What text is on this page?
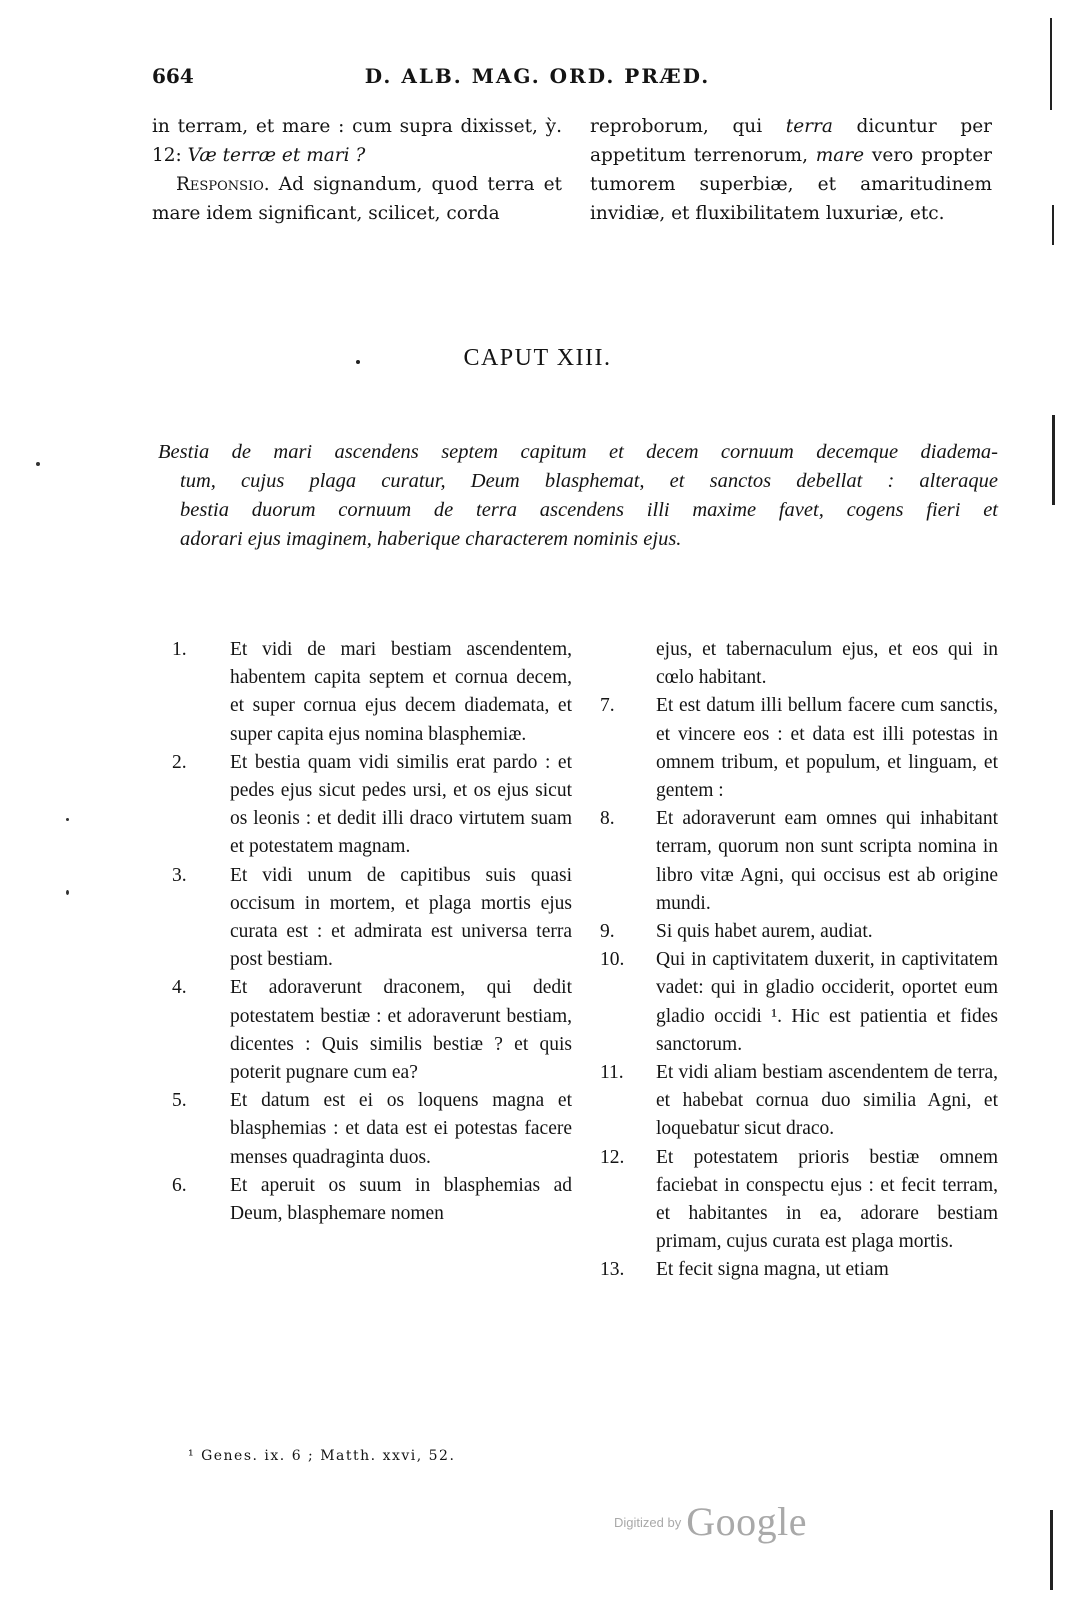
664	D. ALB. MAG. ORD. PRÆD.

in terram, et mare : cum supra dixisset, ỳ. 12: Væ terræ et mari ?

Responsio. Ad signandum, quod terra et mare idem significant, scilicet, corda

reproborum, qui terra dicuntur per appetitum terrenorum, mare vero propter tumorem superbiæ, et amaritudinem invidiæ, et fluxibilitatem luxuriæ, etc.

CAPUT XIII.
Bestia de mari ascendens septem capitum et decem cornuum decemque diadema-
tum, cujus plaga curatur, Deum blasphemat, et sanctos debellat : alteraque
bestia duorum cornuum de terra ascendens illi maxime favet, cogens fieri et
adorari ejus imaginem, haberique characterem nominis ejus.

1. Et vidi de mari bestiam ascendentem, habentem capita septem et cornua decem, et super cornua ejus decem diademata, et super capita ejus nomina blasphemiæ.

2. Et bestia quam vidi similis erat pardo : et pedes ejus sicut pedes ursi, et os ejus sicut os leonis : et dedit illi draco virtutem suam et potestatem magnam.

3. Et vidi unum de capitibus suis quasi occisum in mortem, et plaga mortis ejus curata est : et admirata est universa terra post bestiam.

4. Et adoraverunt draconem, qui dedit potestatem bestiæ : et adoraverunt bestiam, dicentes : Quis similis bestiæ ? et quis poterit pugnare cum ea?

5. Et datum est ei os loquens magna et blasphemias : et data est ei potestas facere menses quadraginta duos.

6. Et aperuit os suum in blasphemias ad Deum, blasphemare nomen

ejus, et tabernaculum ejus, et eos qui in cœlo habitant.

7. Et est datum illi bellum facere cum sanctis, et vincere eos : et data est illi potestas in omnem tribum, et populum, et linguam, et gentem :

8. Et adoraverunt eam omnes qui inhabitant terram, quorum non sunt scripta nomina in libro vitæ Agni, qui occisus est ab origine mundi.

9. Si quis habet aurem, audiat.

10. Qui in captivitatem duxerit, in captivitatem vadet: qui in gladio occiderit, oportet eum gladio occidi ¹. Hic est patientia et fides sanctorum.

11. Et vidi aliam bestiam ascendentem de terra, et habebat cornua duo similia Agni, et loquebatur sicut draco.

12. Et potestatem prioris bestiæ omnem faciebat in conspectu ejus : et fecit terram, et habitantes in ea, adorare bestiam primam, cujus curata est plaga mortis.

13. Et fecit signa magna, ut etiam

¹ Genes. ix. 6 ; Matth. xxvi, 52.
$^{Digitized by}$ Google
